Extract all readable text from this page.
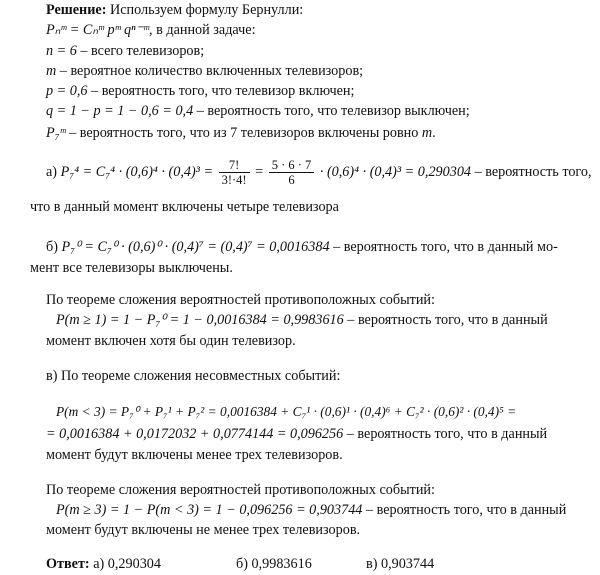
Решение: Используем формулу Бернулли:
Pₙᵐ = Cₙᵐ pᵐ qⁿ⁻ᵐ, в данной задаче:
n = 6 – всего телевизоров;
m – вероятное количество включенных телевизоров;
p = 0,6 – вероятность того, что телевизор включен;
q = 1 − p = 1 − 0,6 = 0,4 – вероятность того, что телевизор выключен;
P₇ᵐ – вероятность того, что из 7 телевизоров включены ровно m.
а) $P_7^4 = C_7^4 \cdot (0,6)^4 \cdot (0,4)^3 = \frac{7!}{3!\cdot 4!} = \frac{5 \cdot 6 \cdot 7}{6} \cdot (0,6)^4 \cdot (0,4)^3 = 0,290304$ – вероятность того,
что в данный момент включены четыре телевизора
б) P₇⁰ = C₇⁰ · (0,6)⁰ · (0,4)⁷ = (0,4)⁷ = 0,0016384 – вероятность того, что в данный мо-
мент все телевизоры выключены.
По теореме сложения вероятностей противоположных событий:
P(m ≥ 1) = 1 − P₇⁰ = 1 − 0,0016384 = 0,9983616 – вероятность того, что в данный
момент включен хотя бы один телевизор.
в) По теореме сложения несовместных событий:
P(m < 3) = P₇⁰ + P₇¹ + P₇² = 0,0016384 + C₇¹ · (0,6)¹ · (0,4)⁶ + C₇² · (0,6)² · (0,4)⁵ =
= 0,0016384 + 0,0172032 + 0,0774144 = 0,096256 – вероятность того, что в данный
момент будут включены менее трех телевизоров.
По теореме сложения вероятностей противоположных событий:
P(m ≥ 3) = 1 − P(m < 3) = 1 − 0,096256 = 0,903744 – вероятность того, что в данный
момент будут включены не менее трех телевизоров.
Ответ: а) 0,290304	б) 0,9983616	в) 0,903744
